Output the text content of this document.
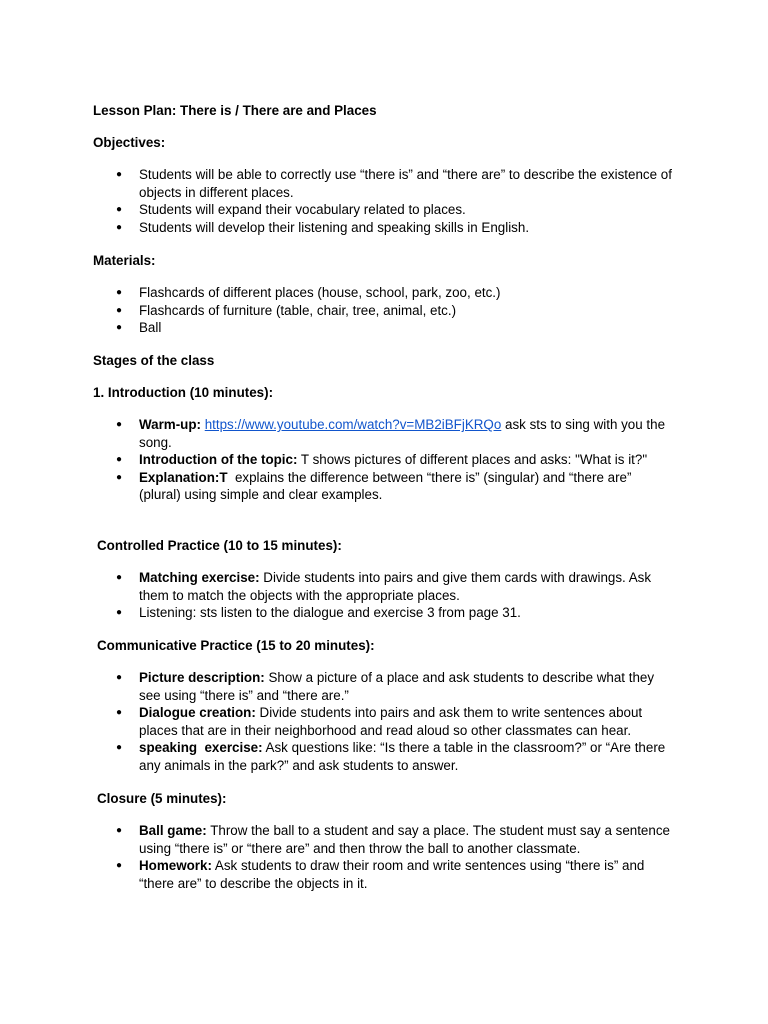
Lesson Plan: There is / There are and Places
Objectives:
● Students will be able to correctly use “there is” and “there are” to describe the existence of objects in different places.
● Students will expand their vocabulary related to places.
● Students will develop their listening and speaking skills in English.
Materials:
● Flashcards of different places (house, school, park, zoo, etc.)
● Flashcards of furniture (table, chair, tree, animal, etc.)
● Ball
Stages of the class
1. Introduction (10 minutes):
● Warm-up: https://www.youtube.com/watch?v=MB2iBFjKRQo ask sts to sing with you the song.
● Introduction of the topic: T shows pictures of different places and asks: "What is it?"
● Explanation:T  explains the difference between “there is” (singular) and “there are” (plural) using simple and clear examples.
Controlled Practice (10 to 15 minutes):
● Matching exercise: Divide students into pairs and give them cards with drawings. Ask them to match the objects with the appropriate places.
● Listening: sts listen to the dialogue and exercise 3 from page 31.
Communicative Practice (15 to 20 minutes):
● Picture description: Show a picture of a place and ask students to describe what they see using “there is” and “there are.”
● Dialogue creation: Divide students into pairs and ask them to write sentences about places that are in their neighborhood and read aloud so other classmates can hear.
● speaking  exercise: Ask questions like: “Is there a table in the classroom?” or “Are there any animals in the park?” and ask students to answer.
Closure (5 minutes):
● Ball game: Throw the ball to a student and say a place. The student must say a sentence using “there is” or “there are” and then throw the ball to another classmate.
● Homework: Ask students to draw their room and write sentences using “there is” and “there are” to describe the objects in it.
